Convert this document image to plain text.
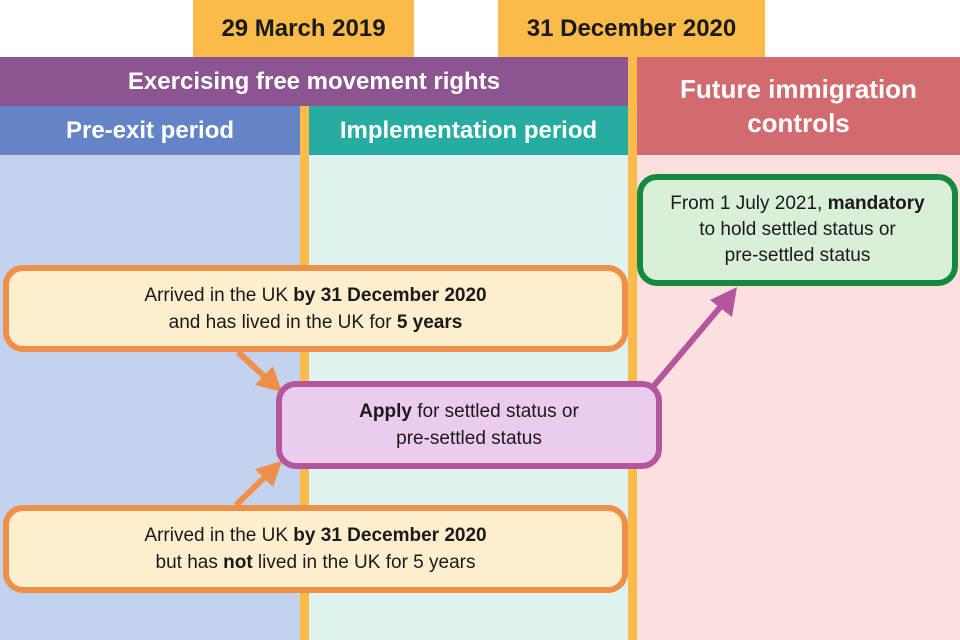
Exercising free movement rights
Pre-exit period	Implementation period
Future immigration controls
29 March 2019	31 December 2020
Arrived in the UK by 31 December 2020
and has lived in the UK for 5 years
Apply for settled status or
pre-settled status
Arrived in the UK by 31 December 2020
but has not lived in the UK for 5 years
From 1 July 2021, mandatory
to hold settled status or
pre-settled status
